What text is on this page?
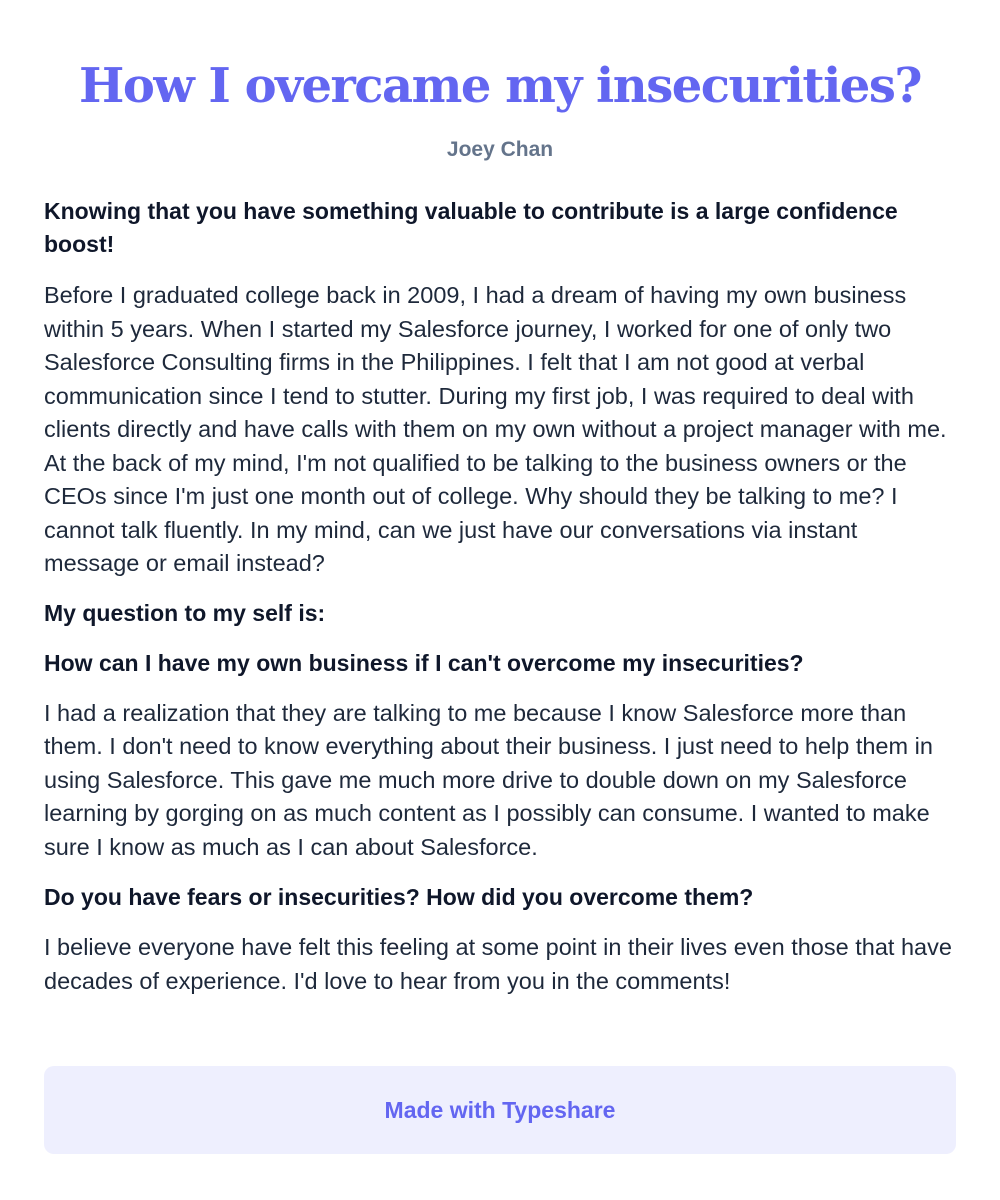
How I overcame my insecurities?
Joey Chan

Knowing that you have something valuable to contribute is a large confidence boost!

Before I graduated college back in 2009, I had a dream of having my own business within 5 years. When I started my Salesforce journey, I worked for one of only two Salesforce Consulting firms in the Philippines. I felt that I am not good at verbal communication since I tend to stutter. During my first job, I was required to deal with clients directly and have calls with them on my own without a project manager with me. At the back of my mind, I'm not qualified to be talking to the business owners or the CEOs since I'm just one month out of college. Why should they be talking to me? I cannot talk fluently. In my mind, can we just have our conversations via instant message or email instead?

My question to my self is:

How can I have my own business if I can't overcome my insecurities?

I had a realization that they are talking to me because I know Salesforce more than them. I don't need to know everything about their business. I just need to help them in using Salesforce. This gave me much more drive to double down on my Salesforce learning by gorging on as much content as I possibly can consume. I wanted to make sure I know as much as I can about Salesforce.

Do you have fears or insecurities? How did you overcome them?

I believe everyone have felt this feeling at some point in their lives even those that have decades of experience. I'd love to hear from you in the comments!

Made with Typeshare
